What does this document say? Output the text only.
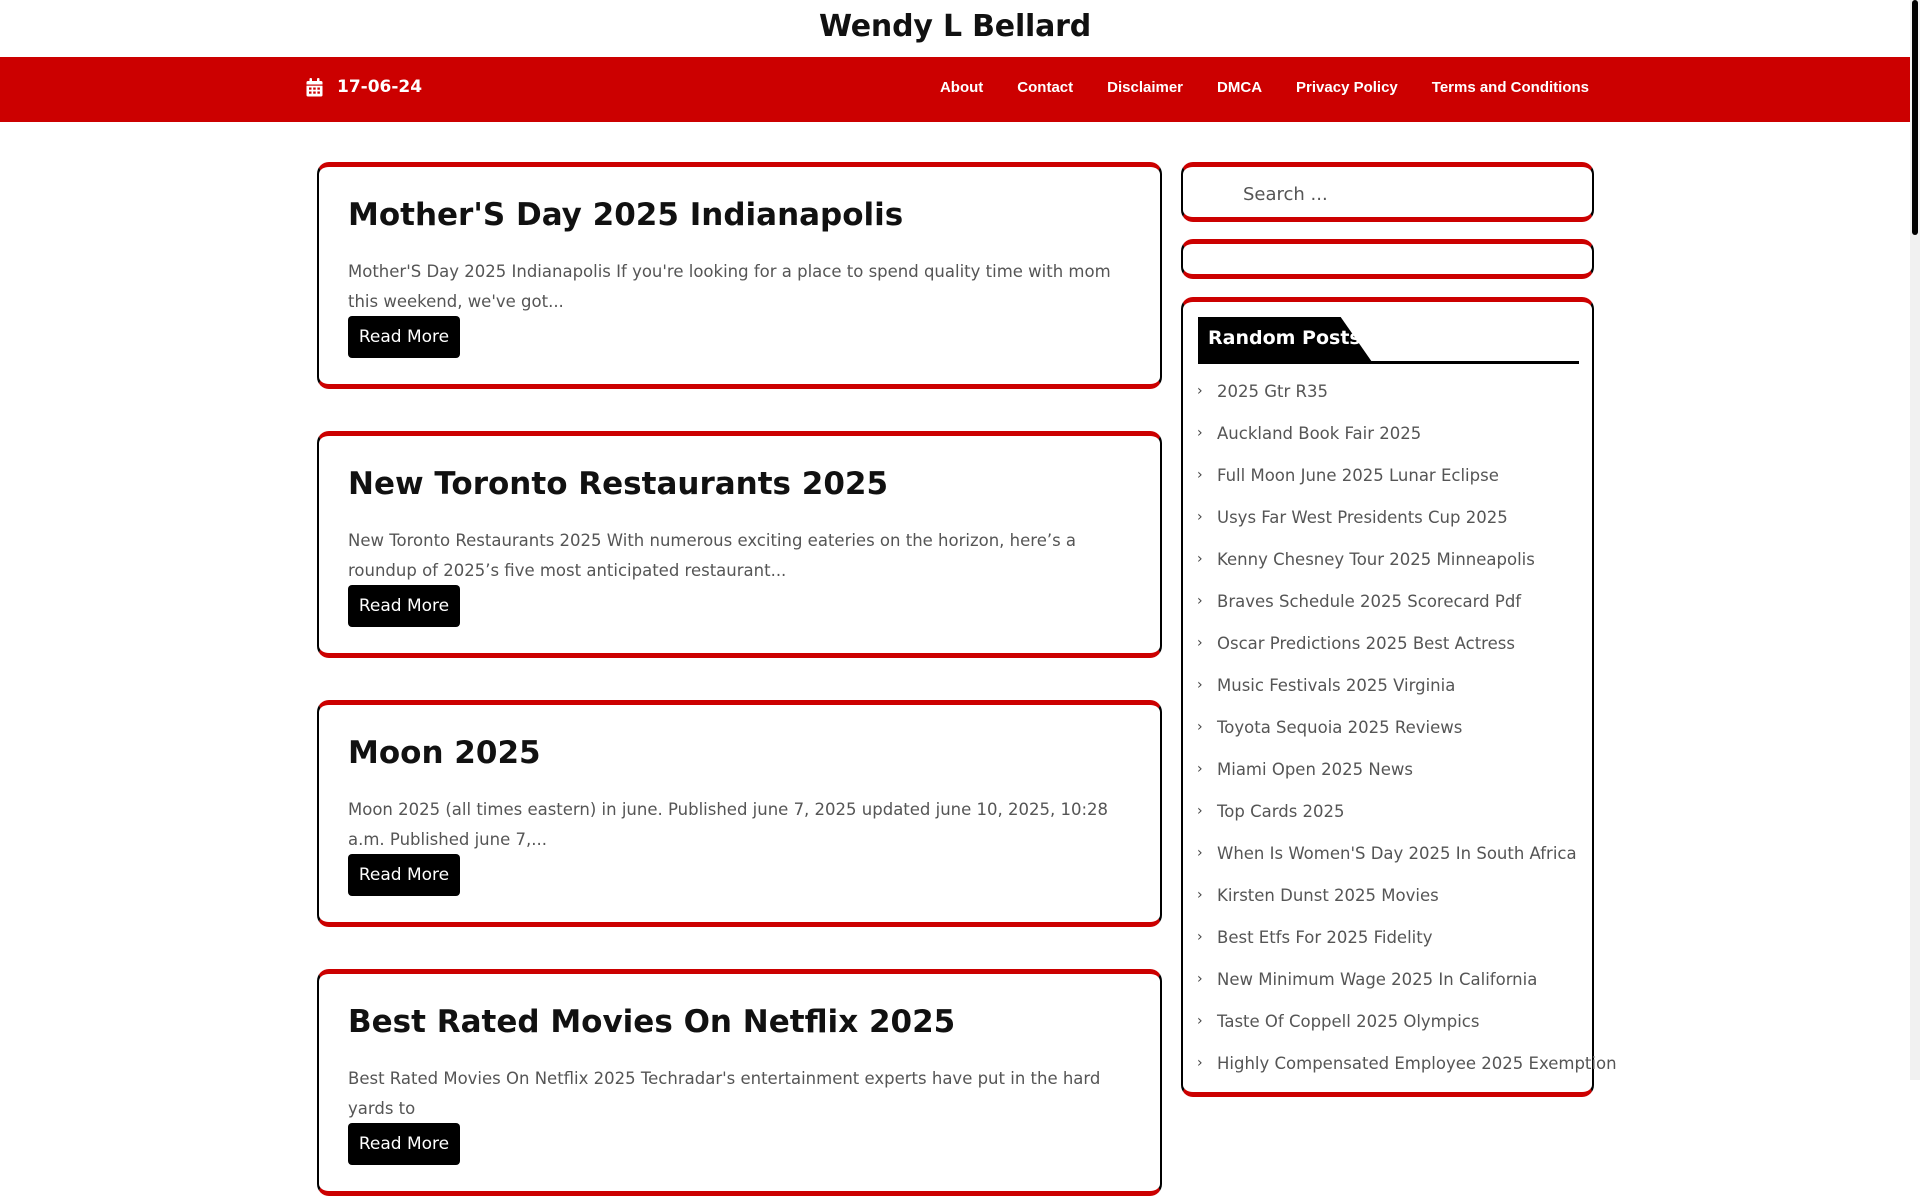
Wendy L Bellard
17-06-24	About Contact Disclaimer DMCA Privacy Policy Terms and Conditions
Mother'S Day 2025 Indianapolis

Mother'S Day 2025 Indianapolis If you're looking for a place to spend quality time with mom this weekend, we've got...

Read More
New Toronto Restaurants 2025

New Toronto Restaurants 2025 With numerous exciting eateries on the horizon, here’s a roundup of 2025’s five most anticipated restaurant...

Read More
Moon 2025

Moon 2025 (all times eastern) in june. Published june 7, 2025 updated june 10, 2025, 10:28 a.m. Published june 7,...

Read More
Best Rated Movies On Netflix 2025

Best Rated Movies On Netflix 2025 Techradar's entertainment experts have put in the hard yards to

Read More
Search ...
Random Posts
› 2025 Gtr R35
› Auckland Book Fair 2025
› Full Moon June 2025 Lunar Eclipse
› Usys Far West Presidents Cup 2025
› Kenny Chesney Tour 2025 Minneapolis
› Braves Schedule 2025 Scorecard Pdf
› Oscar Predictions 2025 Best Actress
› Music Festivals 2025 Virginia
› Toyota Sequoia 2025 Reviews
› Miami Open 2025 News
› Top Cards 2025
› When Is Women'S Day 2025 In South Africa
› Kirsten Dunst 2025 Movies
› Best Etfs For 2025 Fidelity
› New Minimum Wage 2025 In California
› Taste Of Coppell 2025 Olympics
› Highly Compensated Employee 2025 Exemption
